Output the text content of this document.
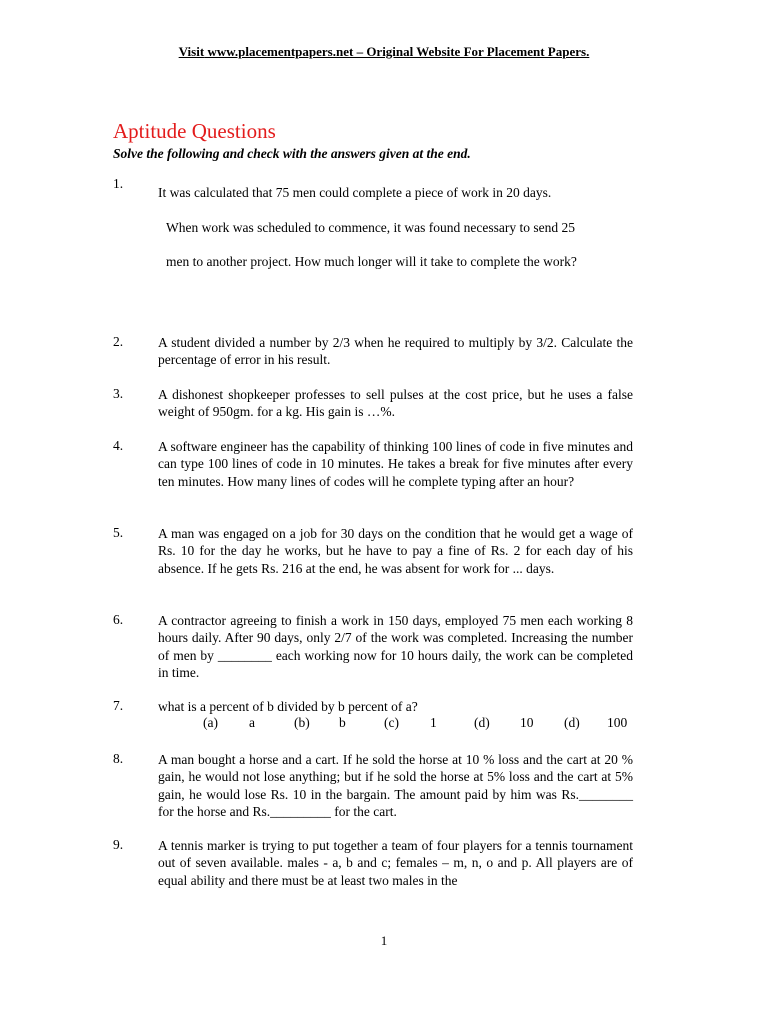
Visit www.placementpapers.net – Original Website For Placement Papers.
Aptitude Questions
Solve the following and check with the answers given at the end.
1.
It was calculated that 75 men could complete a piece of work in 20 days.
When work was scheduled to commence, it was found necessary to send 25
men to another project. How much longer will it take to complete the work?
2.	A student divided a number by 2/3 when he required to multiply by 3/2. Calculate the percentage of error in his result.
3.	A dishonest shopkeeper professes to sell pulses at the cost price, but he uses a false weight of 950gm. for a kg. His gain is …%.
4.	A software engineer has the capability of thinking 100 lines of code in five minutes and can type 100 lines of code in 10 minutes. He takes a break for five minutes after every ten minutes. How many lines of codes will he complete typing after an hour?
5.	A man was engaged on a job for 30 days on the condition that he would get a wage of Rs. 10 for the day he works, but he have to pay a fine of Rs. 2 for each day of his absence. If he gets Rs. 216 at the end, he was absent for work for ... days.
6.	A contractor agreeing to finish a work in 150 days, employed 75 men each working 8 hours daily. After 90 days, only 2/7 of the work was completed. Increasing the number of men by ________ each working now for 10 hours daily, the work can be completed in time.
7.	what is a percent of b divided by b percent of a?
(a) a	(b) b	(c) 1	(d) 10 (d) 100
8.	A man bought a horse and a cart. If he sold the horse at 10 % loss and the cart at 20 % gain, he would not lose anything; but if he sold the horse at 5% loss and the cart at 5% gain, he would lose Rs. 10 in the bargain. The amount paid by him was Rs.________ for the horse and Rs._________ for the cart.
9.	A tennis marker is trying to put together a team of four players for a tennis tournament out of seven available. males - a, b and c; females – m, n, o and p. All players are of equal ability and there must be at least two males in the
1
